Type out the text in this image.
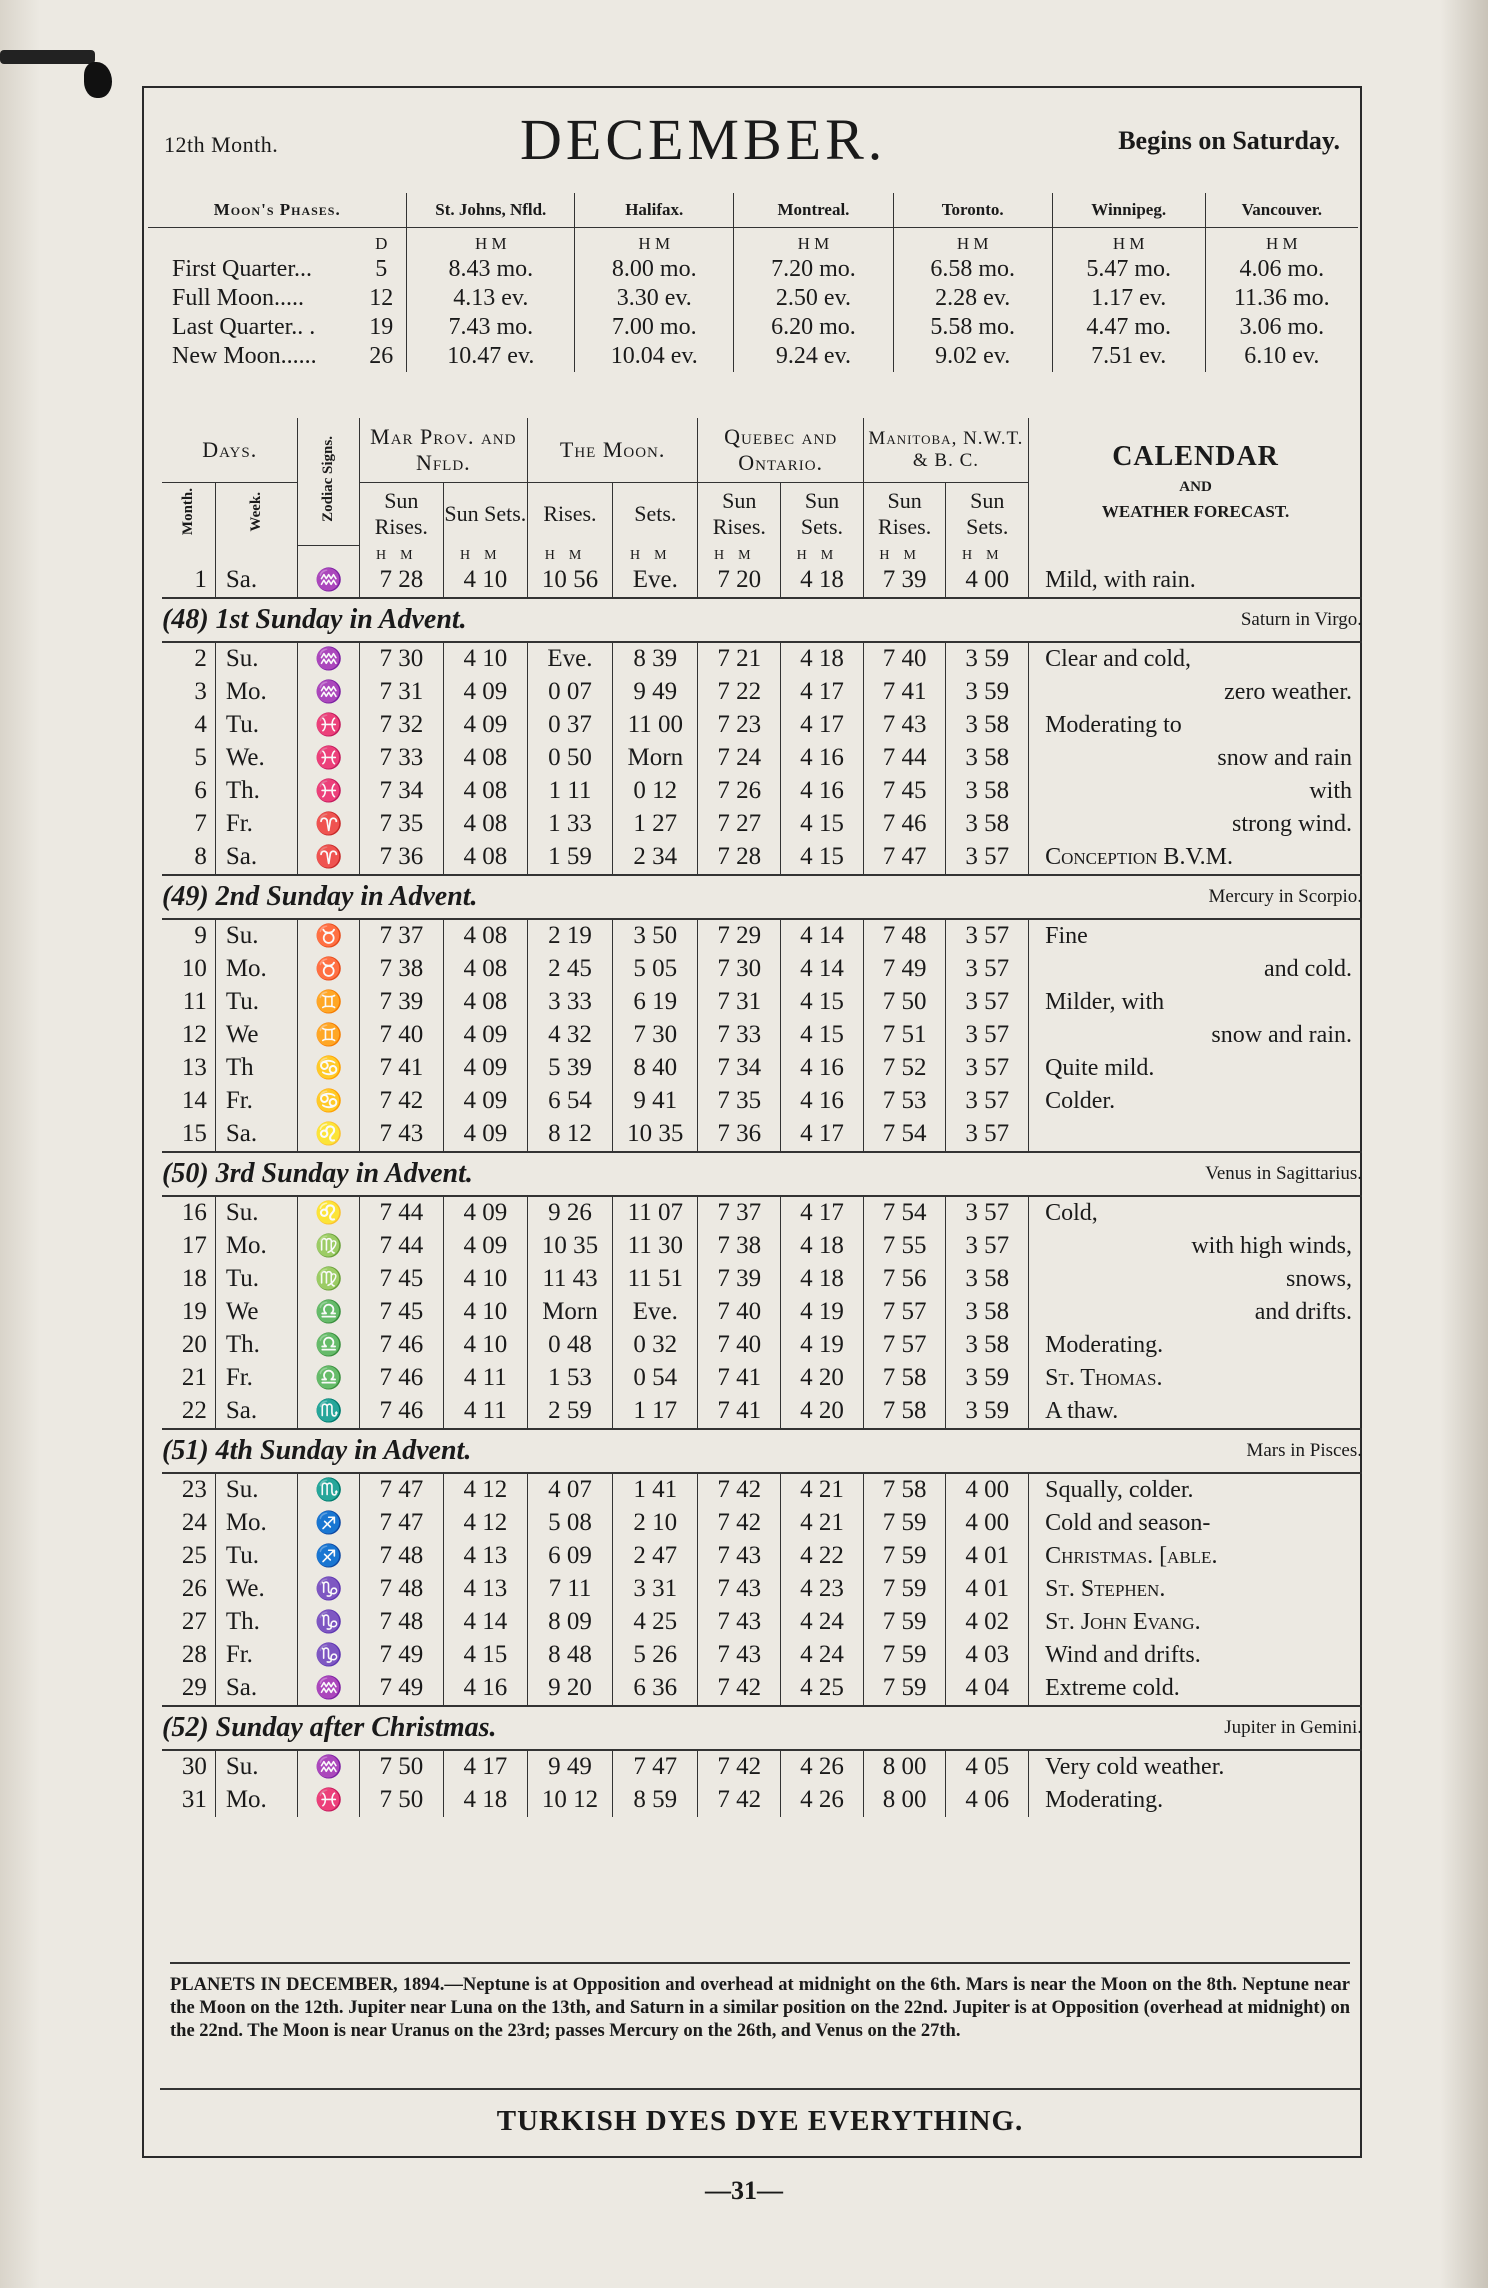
12th Month.	DECEMBER.	Begins on Saturday.
Moon's Phases.		St. Johns, Nfld.	Halifax.	Montreal.	Toronto.	Winnipeg.	Vancouver.
	D	H M	H M	H M	H M	H M	H M
First Quarter...	5	8.43 mo.	8.00 mo.	7.20 mo.	6.58 mo.	5.47 mo.	4.06 mo.
Full Moon.....	12	4.13 ev.	3.30 ev.	2.50 ev.	2.28 ev.	1.17 ev.	11.36 mo.
Last Quarter.. .	19	7.43 mo.	7.00 mo.	6.20 mo.	5.58 mo.	4.47 mo.	3.06 mo.
New Moon......	26	10.47 ev.	10.04 ev.	9.24 ev.	9.02 ev.	7.51 ev.	6.10 ev.
Days.		Zodiac Signs.	Mar Prov. and Nfld.		The Moon.		Quebec and Ontario.		Manitoba, N.W.T. & B. C.		CALENDAR
AND
WEATHER FORECAST.

Month.	Week.		Sun Rises.	Sun Sets.	Rises.	Sets.	Sun Rises.	Sun Sets.	Sun Rises.	Sun Sets.	
			HM	HM	HM	HM	HM	HM	HM	HM	
1	Sa.	♒	7 28	4 10	10 56	Eve.	7 20	4 18	7 39	4 00	Mild, with rain.
(48) 1st Sunday in Advent.									Saturn in Virgo.		
2	Su.	♒	7 30	4 10	Eve.	8 39	7 21	4 18	7 40	3 59	Clear and cold,
3	Mo.	♒	7 31	4 09	0 07	9 49	7 22	4 17	7 41	3 59	zero weather.
4	Tu.	♓	7 32	4 09	0 37	11 00	7 23	4 17	7 43	3 58	Moderating to
5	We.	♓	7 33	4 08	0 50	Morn	7 24	4 16	7 44	3 58	snow and rain
6	Th.	♓	7 34	4 08	1 11	0 12	7 26	4 16	7 45	3 58	with
7	Fr.	♈	7 35	4 08	1 33	1 27	7 27	4 15	7 46	3 58	strong wind.
8	Sa.	♈	7 36	4 08	1 59	2 34	7 28	4 15	7 47	3 57	Conception B.V.M.
(49) 2nd Sunday in Advent.									Mercury in Scorpio.		
9	Su.	♉	7 37	4 08	2 19	3 50	7 29	4 14	7 48	3 57	Fine
10	Mo.	♉	7 38	4 08	2 45	5 05	7 30	4 14	7 49	3 57	and cold.
11	Tu.	♊	7 39	4 08	3 33	6 19	7 31	4 15	7 50	3 57	Milder, with
12	We	♊	7 40	4 09	4 32	7 30	7 33	4 15	7 51	3 57	snow and rain.
13	Th	♋	7 41	4 09	5 39	8 40	7 34	4 16	7 52	3 57	Quite mild.
14	Fr.	♋	7 42	4 09	6 54	9 41	7 35	4 16	7 53	3 57	Colder.
15	Sa.	♌	7 43	4 09	8 12	10 35	7 36	4 17	7 54	3 57	
(50) 3rd Sunday in Advent.									Venus in Sagittarius.		
16	Su.	♌	7 44	4 09	9 26	11 07	7 37	4 17	7 54	3 57	Cold,
17	Mo.	♍	7 44	4 09	10 35	11 30	7 38	4 18	7 55	3 57	with high winds,
18	Tu.	♍	7 45	4 10	11 43	11 51	7 39	4 18	7 56	3 58	snows,
19	We	♎	7 45	4 10	Morn	Eve.	7 40	4 19	7 57	3 58	and drifts.
20	Th.	♎	7 46	4 10	0 48	0 32	7 40	4 19	7 57	3 58	Moderating.
21	Fr.	♎	7 46	4 11	1 53	0 54	7 41	4 20	7 58	3 59	St. Thomas.
22	Sa.	♏	7 46	4 11	2 59	1 17	7 41	4 20	7 58	3 59	A thaw.
(51) 4th Sunday in Advent.									Mars in Pisces.		
23	Su.	♏	7 47	4 12	4 07	1 41	7 42	4 21	7 58	4 00	Squally, colder.
24	Mo.	♐	7 47	4 12	5 08	2 10	7 42	4 21	7 59	4 00	Cold and season-
25	Tu.	♐	7 48	4 13	6 09	2 47	7 43	4 22	7 59	4 01	Christmas. [able.
26	We.	♑	7 48	4 13	7 11	3 31	7 43	4 23	7 59	4 01	St. Stephen.
27	Th.	♑	7 48	4 14	8 09	4 25	7 43	4 24	7 59	4 02	St. John Evang.
28	Fr.	♑	7 49	4 15	8 48	5 26	7 43	4 24	7 59	4 03	Wind and drifts.
29	Sa.	♒	7 49	4 16	9 20	6 36	7 42	4 25	7 59	4 04	Extreme cold.
(52) Sunday after Christmas.									Jupiter in Gemini.		
30	Su.	♒	7 50	4 17	9 49	7 47	7 42	4 26	8 00	4 05	Very cold weather.
31	Mo.	♓	7 50	4 18	10 12	8 59	7 42	4 26	8 00	4 06	Moderating.
PLANETS IN DECEMBER, 1894.—Neptune is at Opposition and overhead at midnight on the 6th. Mars is near the Moon on the 8th. Neptune near the Moon on the 12th. Jupiter near Luna on the 13th, and Saturn in a similar position on the 22nd. Jupiter is at Opposition (overhead at midnight) on the 22nd. The Moon is near Uranus on the 23rd; passes Mercury on the 26th, and Venus on the 27th.
TURKISH DYES DYE EVERYTHING.
—31—
